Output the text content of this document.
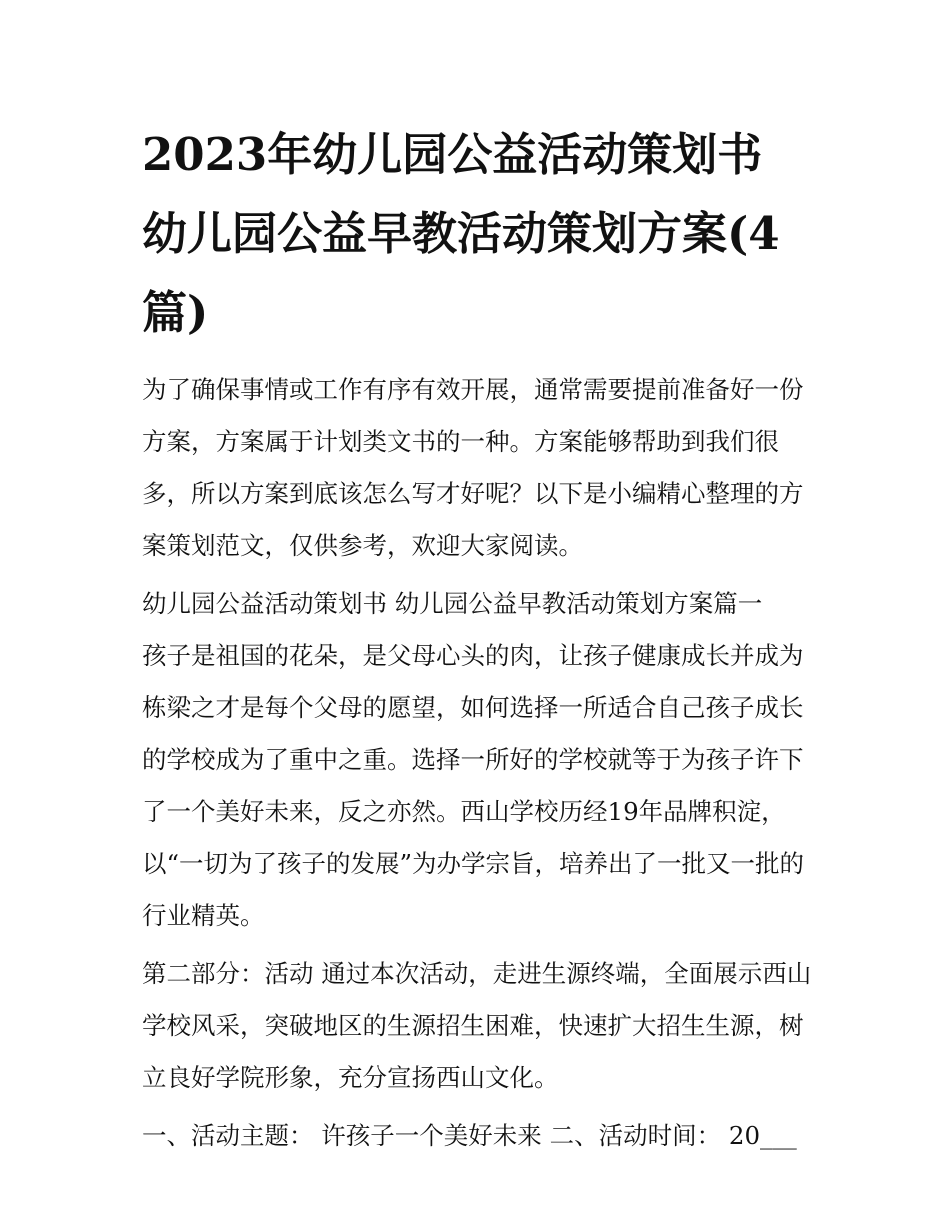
2023年幼儿园公益活动策划书 幼儿园公益早教活动策划方案(4篇)

为了确保事情或工作有序有效开展，通常需要提前准备好一份方案，方案属于计划类文书的一种。方案能够帮助到我们很多，所以方案到底该怎么写才好呢？以下是小编精心整理的方案策划范文，仅供参考，欢迎大家阅读。

幼儿园公益活动策划书 幼儿园公益早教活动策划方案篇一

孩子是祖国的花朵，是父母心头的肉，让孩子健康成长并成为栋梁之才是每个父母的愿望，如何选择一所适合自己孩子成长的学校成为了重中之重。选择一所好的学校就等于为孩子许下了一个美好未来，反之亦然。西山学校历经19年品牌积淀，以“一切为了孩子的发展”为办学宗旨，培养出了一批又一批的行业精英。

第二部分：活动 通过本次活动，走进生源终端，全面展示西山学校风采，突破地区的生源招生困难，快速扩大招生生源，树立良好学院形象，充分宣扬西山文化。

一、活动主题： 许孩子一个美好未来 二、活动时间： 20___
